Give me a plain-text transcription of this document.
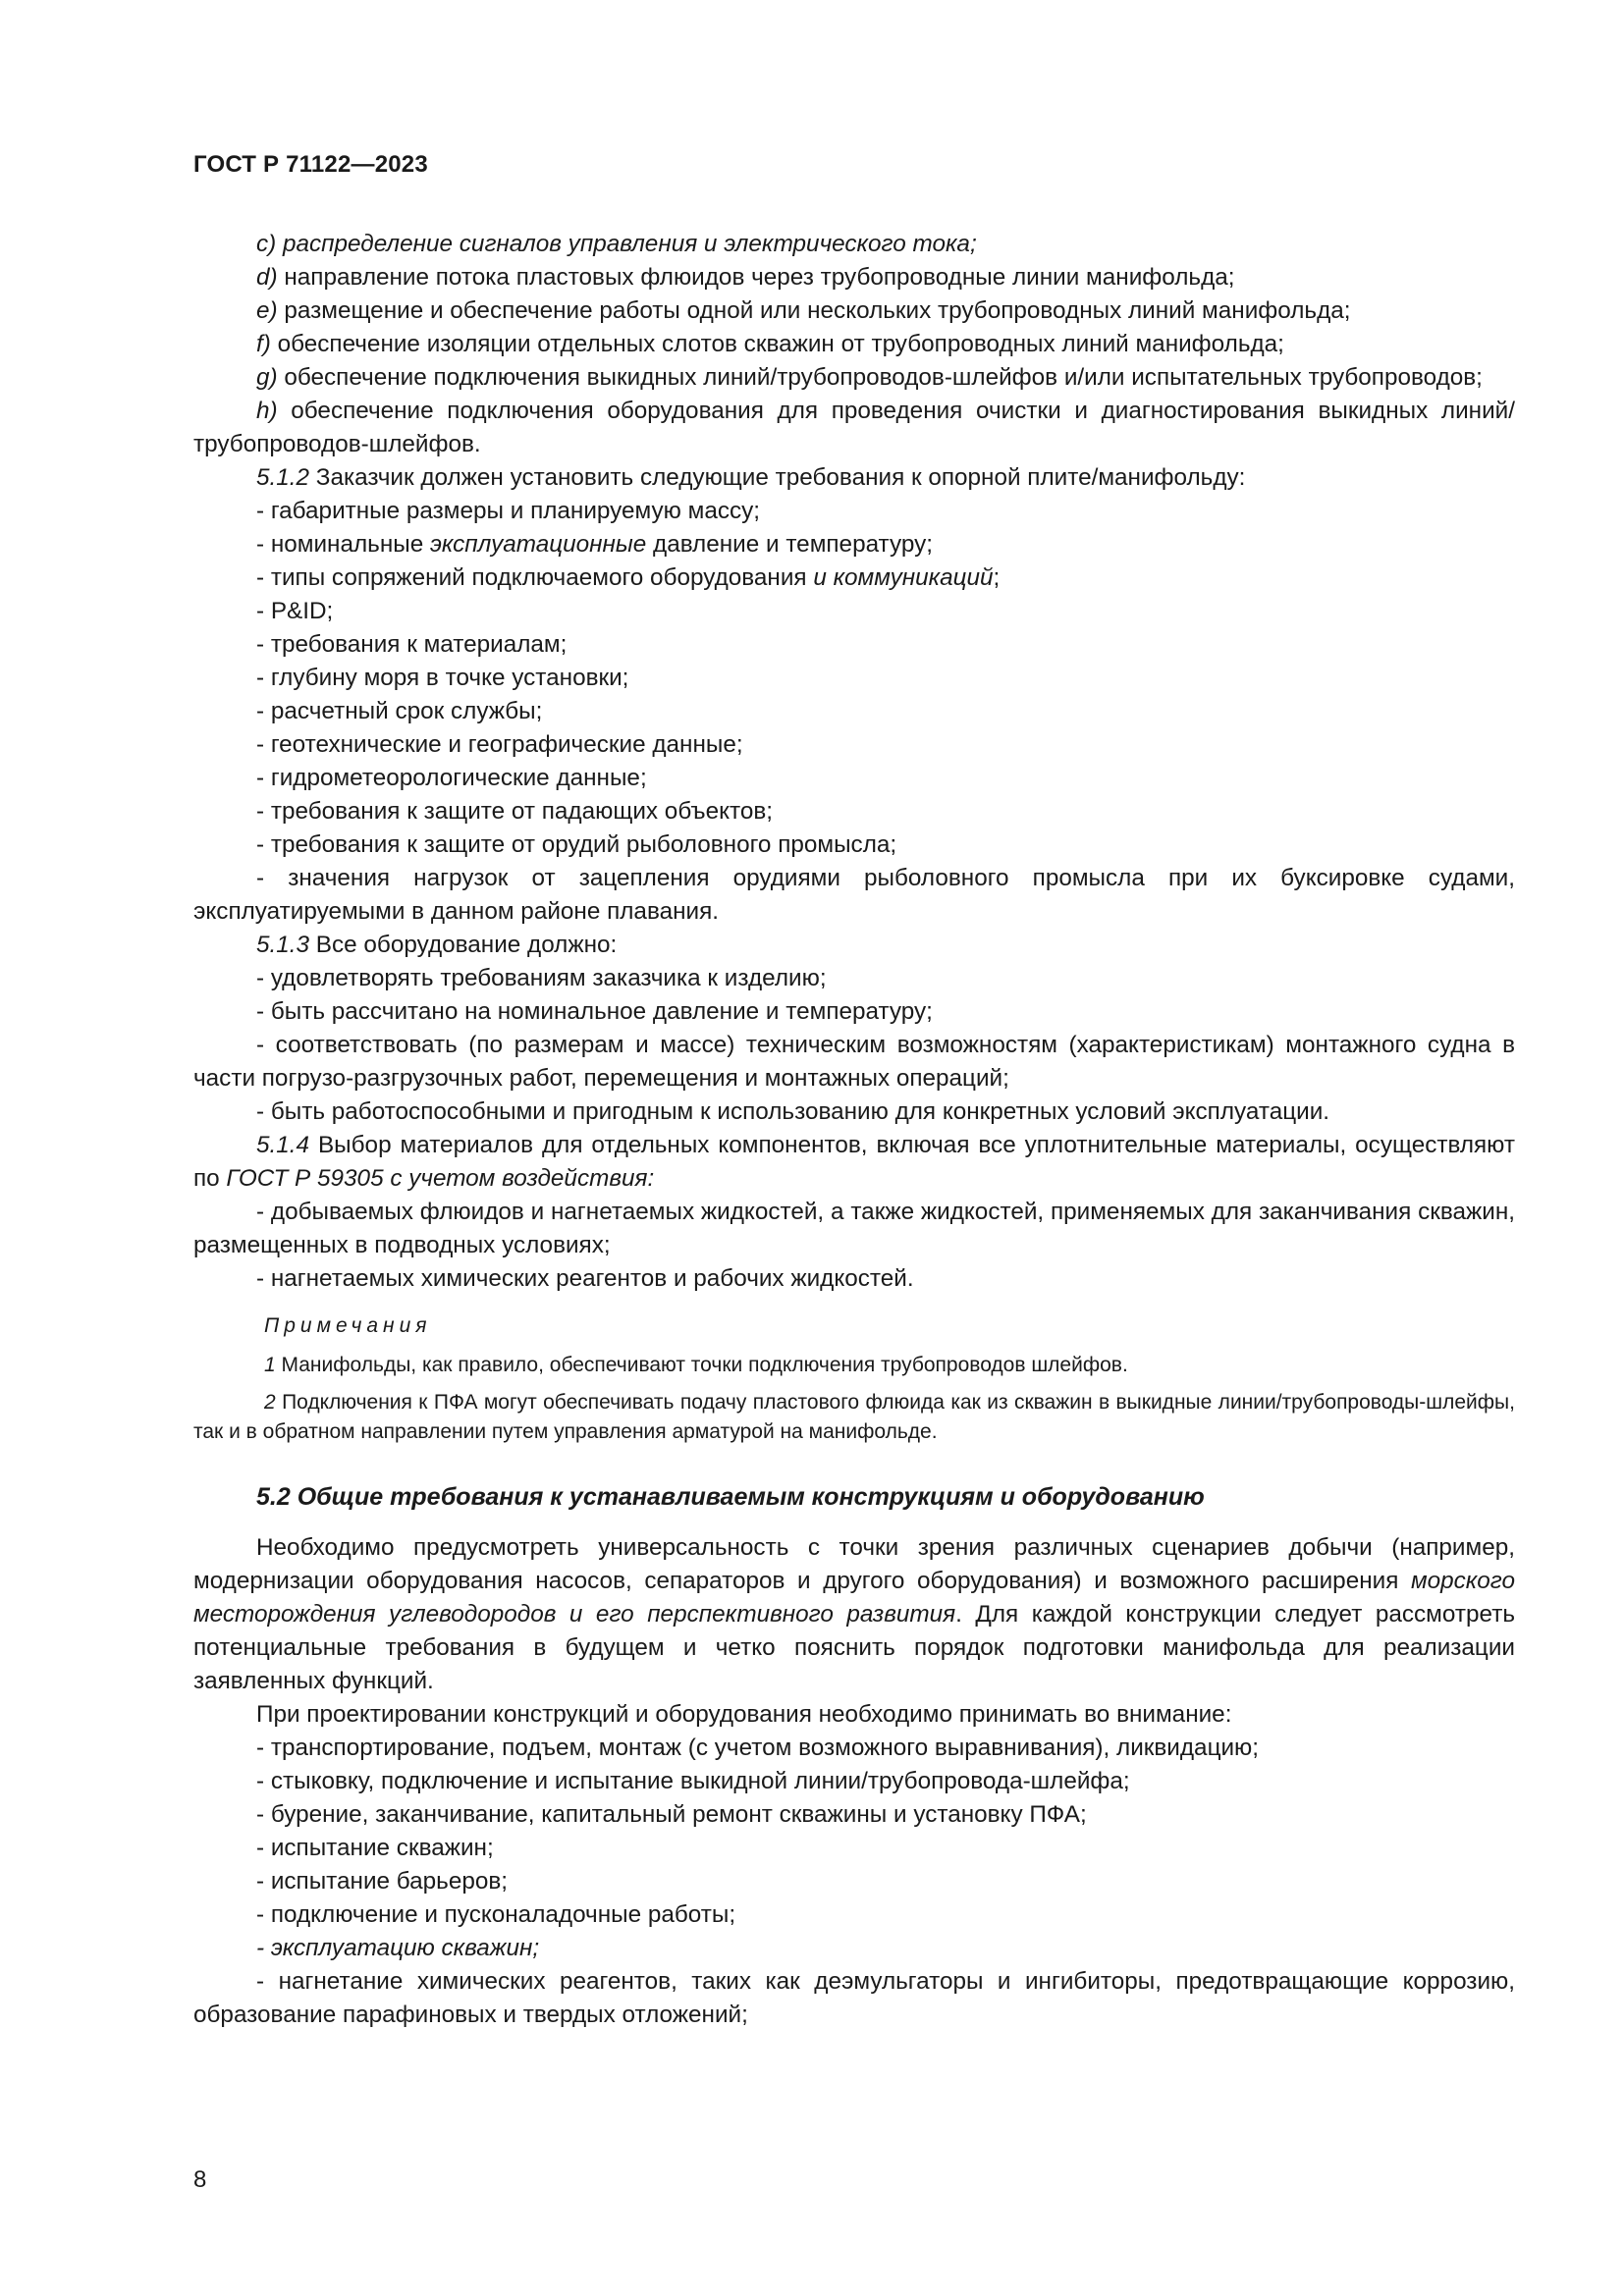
ГОСТ Р 71122—2023

c) распределение сигналов управления и электрического тока;

d) направление потока пластовых флюидов через трубопроводные линии манифольда;

e) размещение и обеспечение работы одной или нескольких трубопроводных линий манифольда;

f) обеспечение изоляции отдельных слотов скважин от трубопроводных линий манифольда;

g) обеспечение подключения выкидных линий/трубопроводов-шлейфов и/или испытательных трубопроводов;

h) обеспечение подключения оборудования для проведения очистки и диагностирования выкидных линий/трубопроводов-шлейфов.

5.1.2 Заказчик должен установить следующие требования к опорной плите/манифольду:

- габаритные размеры и планируемую массу;

- номинальные эксплуатационные давление и температуру;

- типы сопряжений подключаемого оборудования и коммуникаций;

- P&ID;

- требования к материалам;

- глубину моря в точке установки;

- расчетный срок службы;

- геотехнические и географические данные;

- гидрометеорологические данные;

- требования к защите от падающих объектов;

- требования к защите от орудий рыболовного промысла;

- значения нагрузок от зацепления орудиями рыболовного промысла при их буксировке судами, эксплуатируемыми в данном районе плавания.

5.1.3 Все оборудование должно:

- удовлетворять требованиям заказчика к изделию;

- быть рассчитано на номинальное давление и температуру;

- соответствовать (по размерам и массе) техническим возможностям (характеристикам) монтажного судна в части погрузо-разгрузочных работ, перемещения и монтажных операций;

- быть работоспособными и пригодным к использованию для конкретных условий эксплуатации.

5.1.4 Выбор материалов для отдельных компонентов, включая все уплотнительные материалы, осуществляют по ГОСТ Р 59305 с учетом воздействия:

- добываемых флюидов и нагнетаемых жидкостей, а также жидкостей, применяемых для заканчивания скважин, размещенных в подводных условиях;

- нагнетаемых химических реагентов и рабочих жидкостей.

Примечания

1 Манифольды, как правило, обеспечивают точки подключения трубопроводов шлейфов.

2 Подключения к ПФА могут обеспечивать подачу пластового флюида как из скважин в выкидные линии/трубопроводы-шлейфы, так и в обратном направлении путем управления арматурой на манифольде.

5.2 Общие требования к устанавливаемым конструкциям и оборудованию

Необходимо предусмотреть универсальность с точки зрения различных сценариев добычи (например, модернизации оборудования насосов, сепараторов и другого оборудования) и возможного расширения морского месторождения углеводородов и его перспективного развития. Для каждой конструкции следует рассмотреть потенциальные требования в будущем и четко пояснить порядок подготовки манифольда для реализации заявленных функций.

При проектировании конструкций и оборудования необходимо принимать во внимание:

- транспортирование, подъем, монтаж (с учетом возможного выравнивания), ликвидацию;

- стыковку, подключение и испытание выкидной линии/трубопровода-шлейфа;

- бурение, заканчивание, капитальный ремонт скважины и установку ПФА;

- испытание скважин;

- испытание барьеров;

- подключение и пусконаладочные работы;

- эксплуатацию скважин;

- нагнетание химических реагентов, таких как деэмульгаторы и ингибиторы, предотвращающие коррозию, образование парафиновых и твердых отложений;

8
